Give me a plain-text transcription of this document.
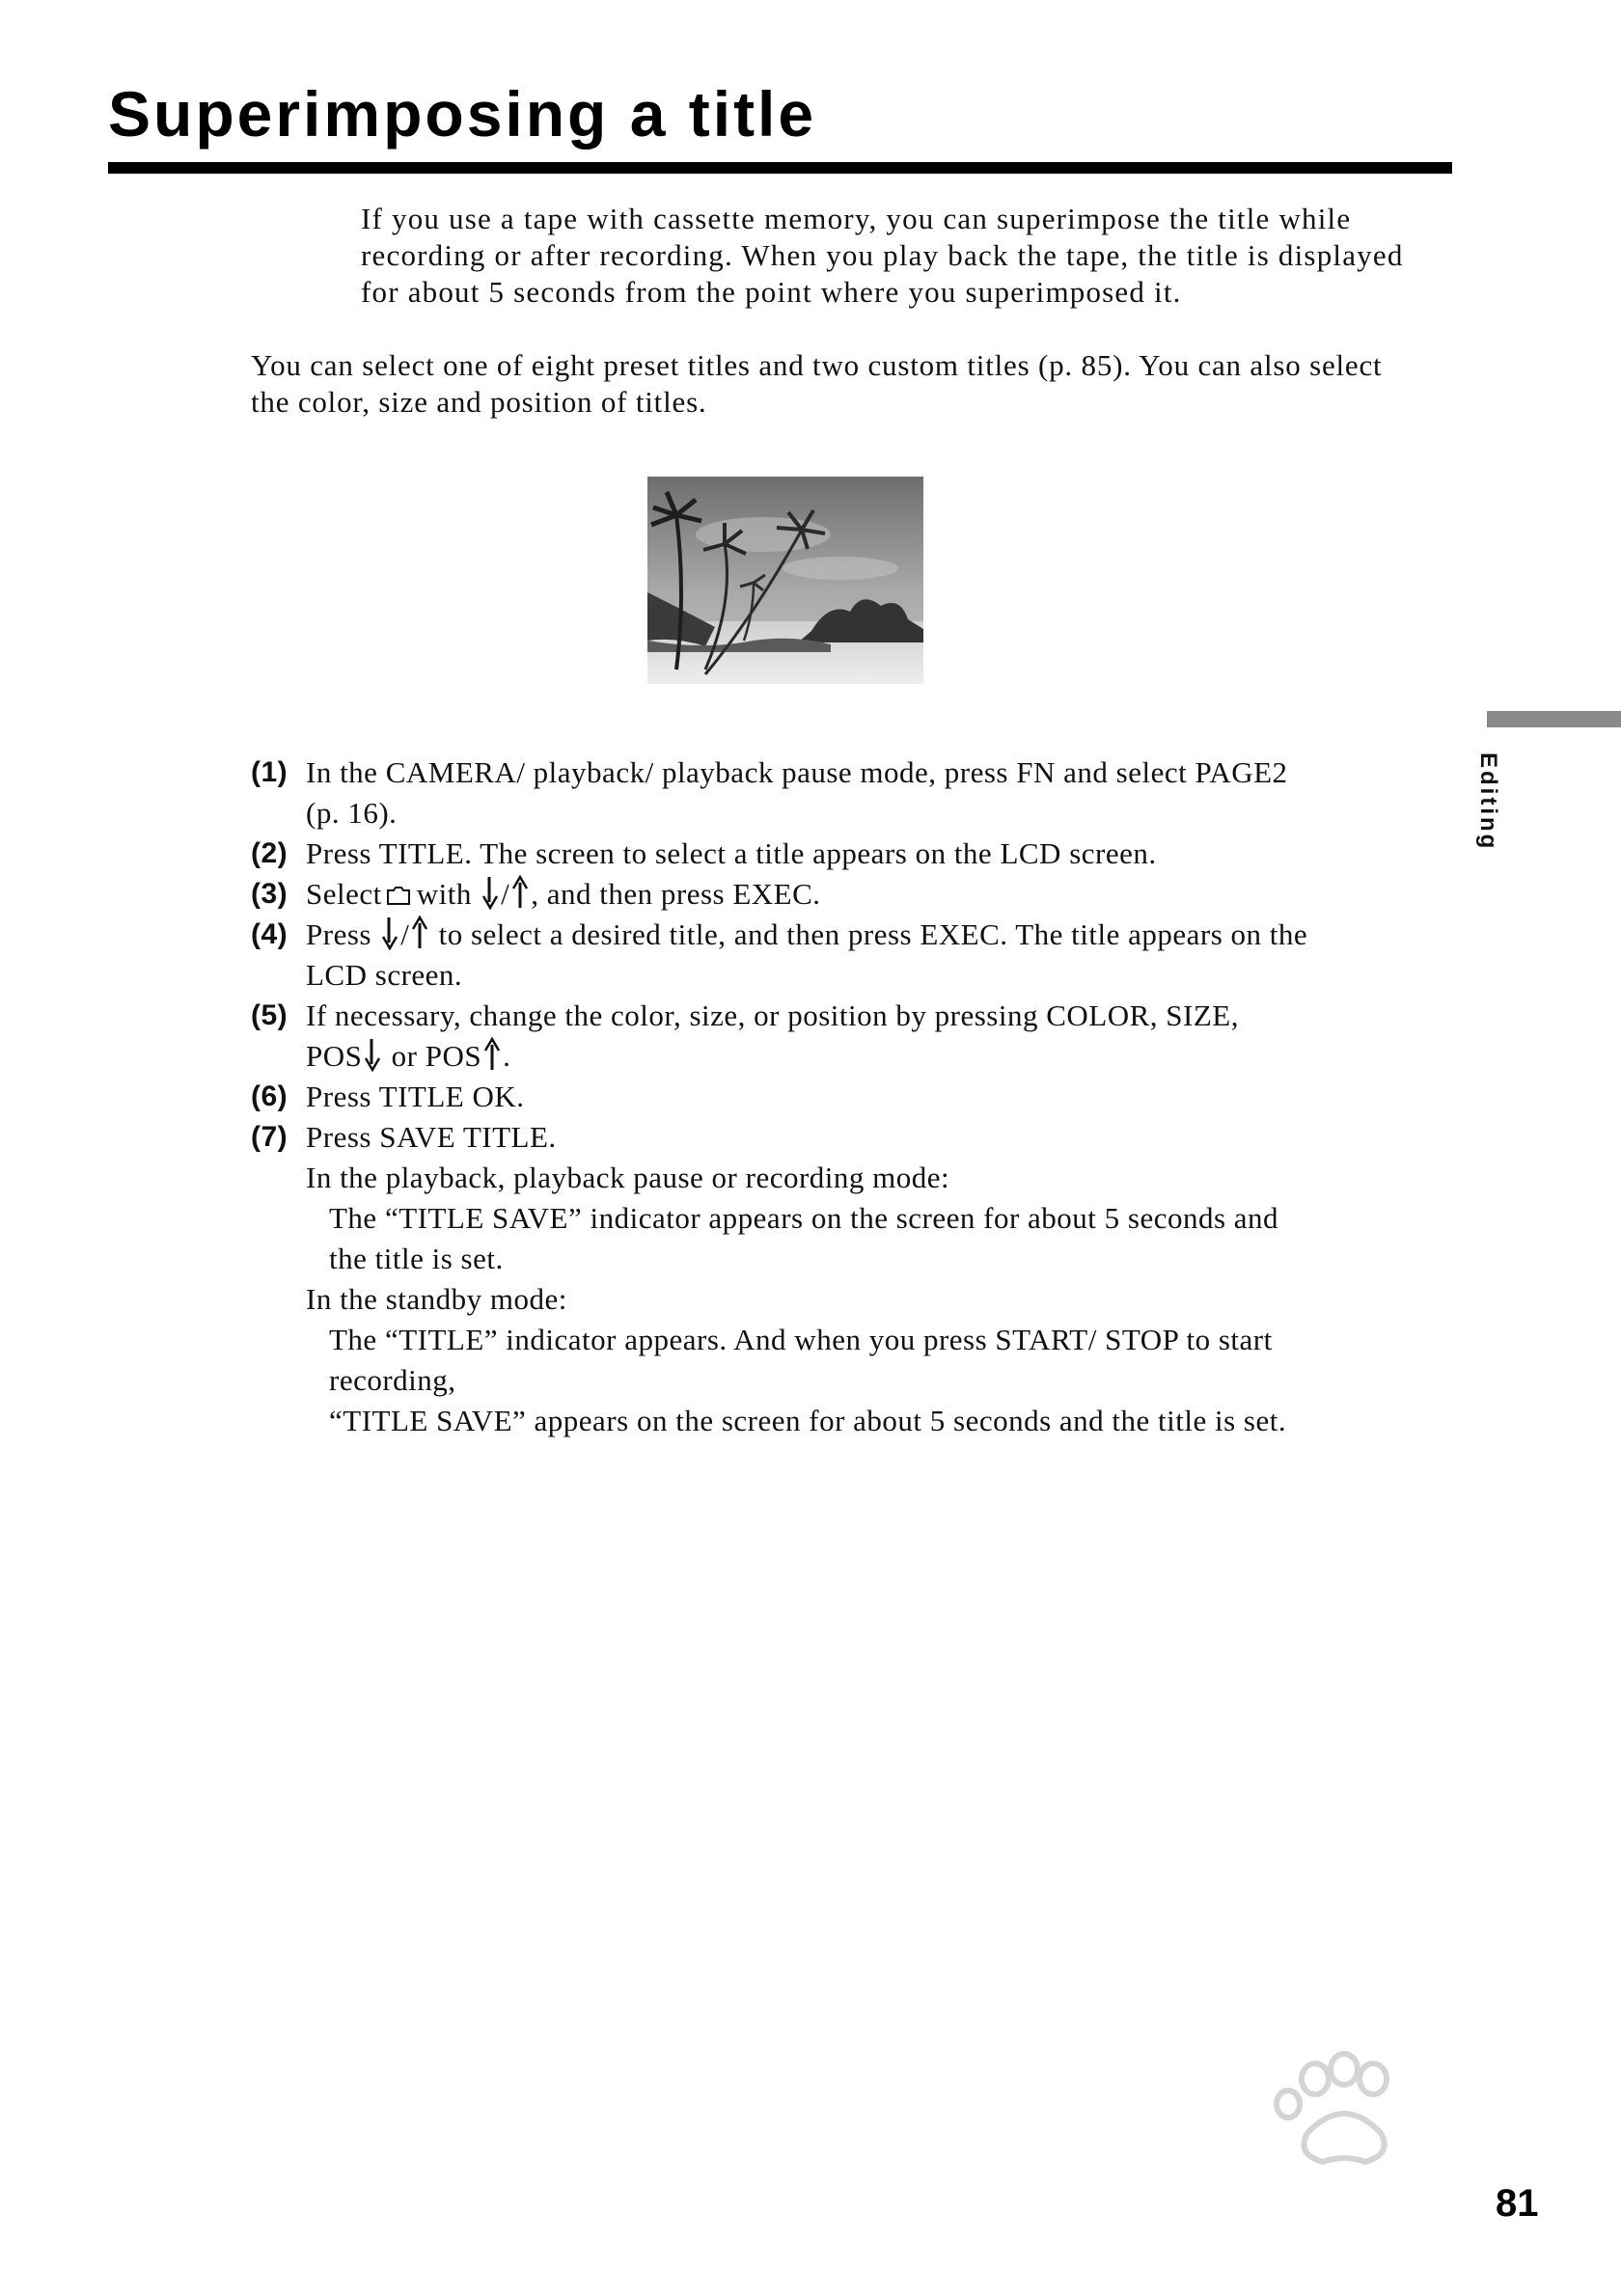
Superimposing a title

If you use a tape with cassette memory, you can superimpose the title while

recording or after recording. When you play back the tape, the title is displayed

for about 5 seconds from the point where you superimposed it.

You can select one of eight preset titles and two custom titles (p. 85). You can also select
the color, size and position of titles.
(1) In the CAMERA/ playback/ playback pause mode, press FN and select PAGE2
(p. 16).
(2) Press TITLE. The screen to select a title appears on the LCD screen.
(3) Select with / , and then press EXEC.
(4) Press / to select a desired title, and then press EXEC. The title appears on the
LCD screen.
(5) If necessary, change the color, size, or position by pressing COLOR, SIZE,
POS or POS .
(6) Press TITLE OK.
(7) Press SAVE TITLE.
In the playback, playback pause or recording mode:
The “TITLE SAVE” indicator appears on the screen for about 5 seconds and
the title is set.
In the standby mode:
The “TITLE” indicator appears. And when you press START/ STOP to start
recording,
“TITLE SAVE” appears on the screen for about 5 seconds and the title is set.
Editing
81
